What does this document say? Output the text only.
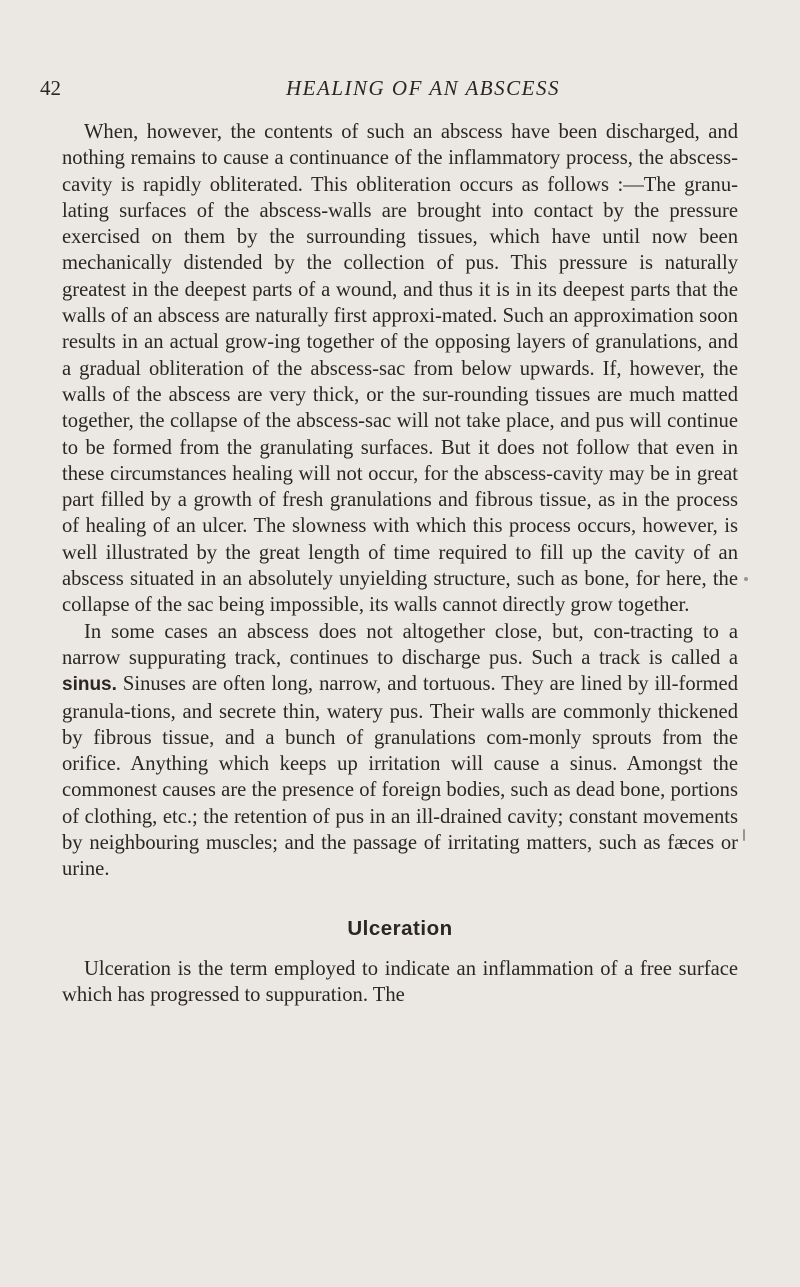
42	HEALING OF AN ABSCESS

When, however, the contents of such an abscess have been discharged, and nothing remains to cause a continuance of the inflammatory process, the abscess-cavity is rapidly obliterated. This obliteration occurs as follows :—The granu-lating surfaces of the abscess-walls are brought into contact by the pressure exercised on them by the surrounding tissues, which have until now been mechanically distended by the collection of pus. This pressure is naturally greatest in the deepest parts of a wound, and thus it is in its deepest parts that the walls of an abscess are naturally first approxi-mated. Such an approximation soon results in an actual grow-ing together of the opposing layers of granulations, and a gradual obliteration of the abscess-sac from below upwards. If, however, the walls of the abscess are very thick, or the sur-rounding tissues are much matted together, the collapse of the abscess-sac will not take place, and pus will continue to be formed from the granulating surfaces. But it does not follow that even in these circumstances healing will not occur, for the abscess-cavity may be in great part filled by a growth of fresh granulations and fibrous tissue, as in the process of healing of an ulcer. The slowness with which this process occurs, however, is well illustrated by the great length of time required to fill up the cavity of an abscess situated in an absolutely unyielding structure, such as bone, for here, the collapse of the sac being impossible, its walls cannot directly grow together.

In some cases an abscess does not altogether close, but, con-tracting to a narrow suppurating track, continues to discharge pus. Such a track is called a sinus. Sinuses are often long, narrow, and tortuous. They are lined by ill-formed granula-tions, and secrete thin, watery pus. Their walls are commonly thickened by fibrous tissue, and a bunch of granulations com-monly sprouts from the orifice. Anything which keeps up irritation will cause a sinus. Amongst the commonest causes are the presence of foreign bodies, such as dead bone, portions of clothing, etc.; the retention of pus in an ill-drained cavity; constant movements by neighbouring muscles; and the passage of irritating matters, such as fæces or urine.

Ulceration

Ulceration is the term employed to indicate an inflammation of a free surface which has progressed to suppuration. The
